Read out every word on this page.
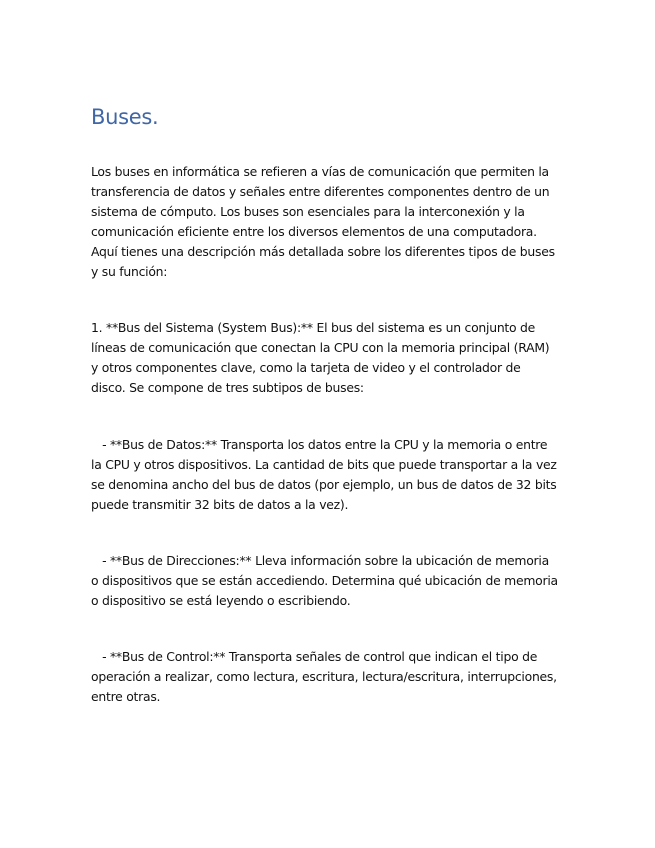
Buses.

Los buses en informática se refieren a vías de comunicación que permiten la
transferencia de datos y señales entre diferentes componentes dentro de un
sistema de cómputo. Los buses son esenciales para la interconexión y la
comunicación eficiente entre los diversos elementos de una computadora.
Aquí tienes una descripción más detallada sobre los diferentes tipos de buses
y su función:

1. **Bus del Sistema (System Bus):** El bus del sistema es un conjunto de
líneas de comunicación que conectan la CPU con la memoria principal (RAM)
y otros componentes clave, como la tarjeta de video y el controlador de
disco. Se compone de tres subtipos de buses:

- **Bus de Datos:** Transporta los datos entre la CPU y la memoria o entre
la CPU y otros dispositivos. La cantidad de bits que puede transportar a la vez
se denomina ancho del bus de datos (por ejemplo, un bus de datos de 32 bits
puede transmitir 32 bits de datos a la vez).

- **Bus de Direcciones:** Lleva información sobre la ubicación de memoria
o dispositivos que se están accediendo. Determina qué ubicación de memoria
o dispositivo se está leyendo o escribiendo.

- **Bus de Control:** Transporta señales de control que indican el tipo de
operación a realizar, como lectura, escritura, lectura/escritura, interrupciones,
entre otras.
